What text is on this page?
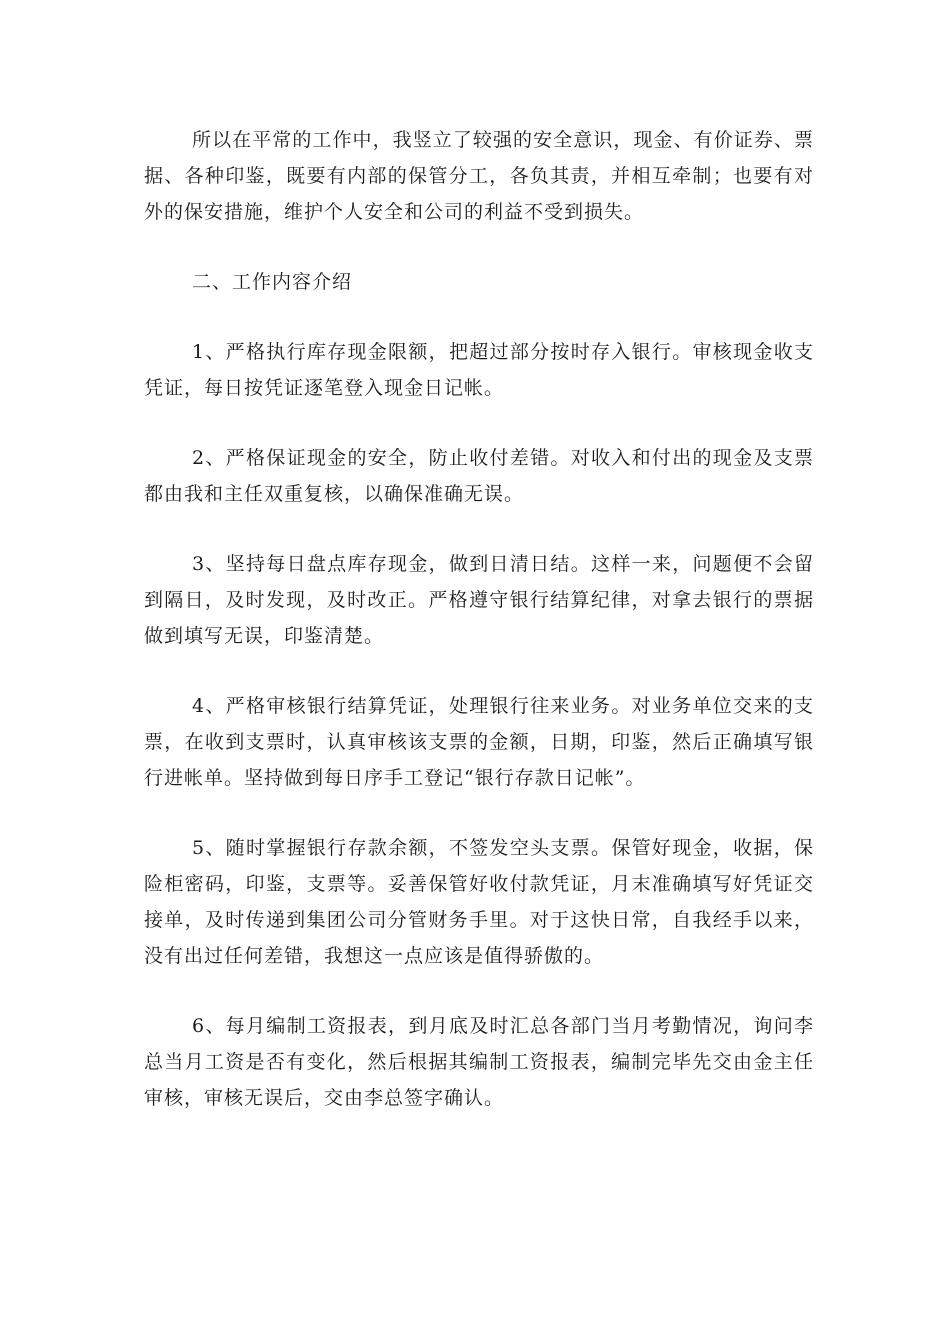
所以在平常的工作中，我竖立了较强的安全意识，现金、有价证券、票据、各种印鉴，既要有内部的保管分工，各负其责，并相互牵制；也要有对外的保安措施，维护个人安全和公司的利益不受到损失。

二、工作内容介绍

1、严格执行库存现金限额，把超过部分按时存入银行。审核现金收支凭证，每日按凭证逐笔登入现金日记帐。

2、严格保证现金的安全，防止收付差错。对收入和付出的现金及支票都由我和主任双重复核，以确保准确无误。

3、坚持每日盘点库存现金，做到日清日结。这样一来，问题便不会留到隔日，及时发现，及时改正。严格遵守银行结算纪律，对拿去银行的票据做到填写无误，印鉴清楚。

4、严格审核银行结算凭证，处理银行往来业务。对业务单位交来的支票，在收到支票时，认真审核该支票的金额，日期，印鉴，然后正确填写银行进帐单。坚持做到每日序手工登记“银行存款日记帐”。

5、随时掌握银行存款余额，不签发空头支票。保管好现金，收据，保险柜密码，印鉴，支票等。妥善保管好收付款凭证，月末准确填写好凭证交接单，及时传递到集团公司分管财务手里。对于这快日常，自我经手以来，没有出过任何差错，我想这一点应该是值得骄傲的。

6、每月编制工资报表，到月底及时汇总各部门当月考勤情况，询问李总当月工资是否有变化，然后根据其编制工资报表，编制完毕先交由金主任审核，审核无误后，交由李总签字确认。
